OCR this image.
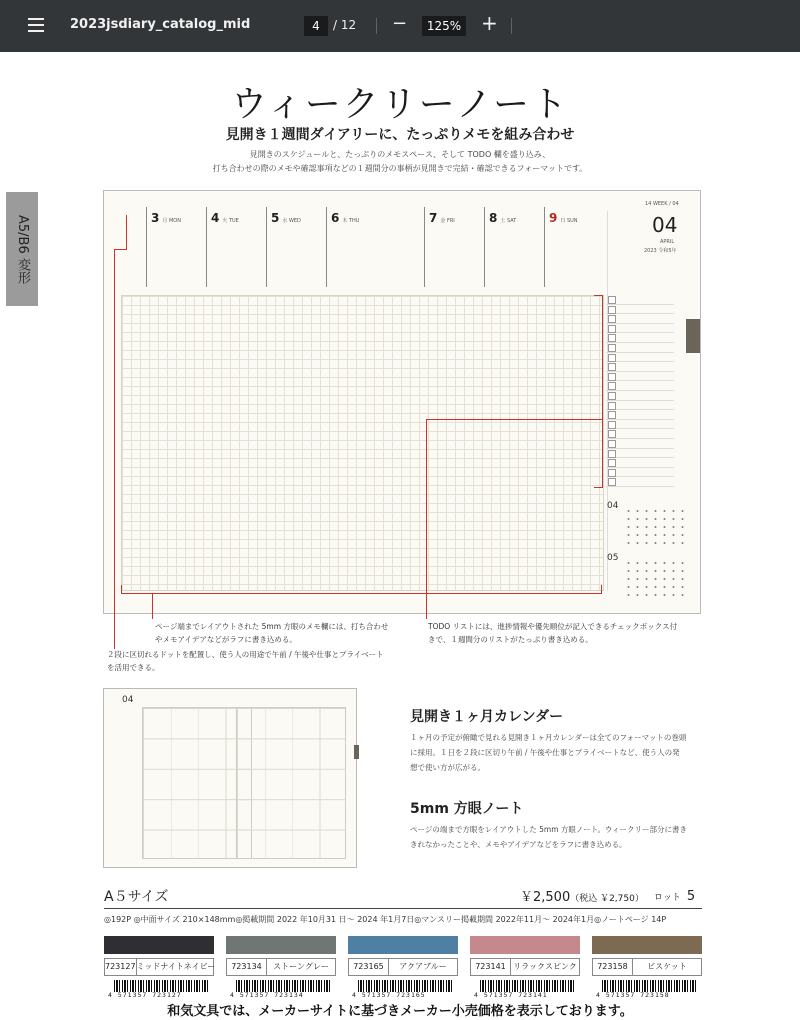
2023jsdiary_catalog_mid	4	/ 12 −	125% +
ウィークリーノート
見開き１週間ダイアリーに、たっぷりメモを組み合わせ
見開きのスケジュールと、たっぷりのメモスペース、そして TODO 欄を盛り込み、
打ち合わせの際のメモや確認事項などの１週間分の事柄が見開きで完結・確認できるフォーマットです。
A5/B6 変形	3 月 MON	4 火 TUE	5 水 WED	6 木 THU	7 金 FRI	8 土 SAT	9 日 SUN
14 WEEK / 04
04
APRIL
2023 令和5年
04
05
ページ端までレイアウトされた 5mm 方眼のメモ欄には、打ち合わせ
やメモアイデアなどがラフに書き込める。
２段に区切れるドットを配置し、使う人の用途で午前 / 午後や仕事とプライベート
を活用できる。
TODO リストには、進捗情報や優先順位が記入できるチェックボックス付
きで、１週間分のリストがたっぷり書き込める。
04
見開き１ヶ月カレンダー
１ヶ月の予定が俯瞰で見れる見開き１ヶ月カレンダーは全てのフォーマットの巻頭
に採用。１日を２段に区切り午前 / 午後や仕事とプライベートなど、使う人の発
想で使い方が広がる。
5mm 方眼ノート
ページの端まで方眼をレイアウトした 5mm 方眼ノート。ウィークリー部分に書き
きれなかったことや、メモやアイデアなどをラフに書き込める。
A５サイズ	￥2,500（税込 ￥2,750） ロット 5
◎192P ◎中面サイズ 210×148mm◎掲載期間 2022 年10月31 日～ 2024 年1月7日◎マンスリー掲載期間 2022年11月～ 2024年1月◎ノートページ 14P
723127 ミッドナイトネイビー
4 571357 723127
723134	ストーングレー
4 571357 723134
723165	アクアブルー
4 571357 723165
723141 リラックスピンク
4 571357 723141
723158	ビスケット
4 571357 723158
和気文具では、メーカーサイトに基づきメーカー小売価格を表示しております。
